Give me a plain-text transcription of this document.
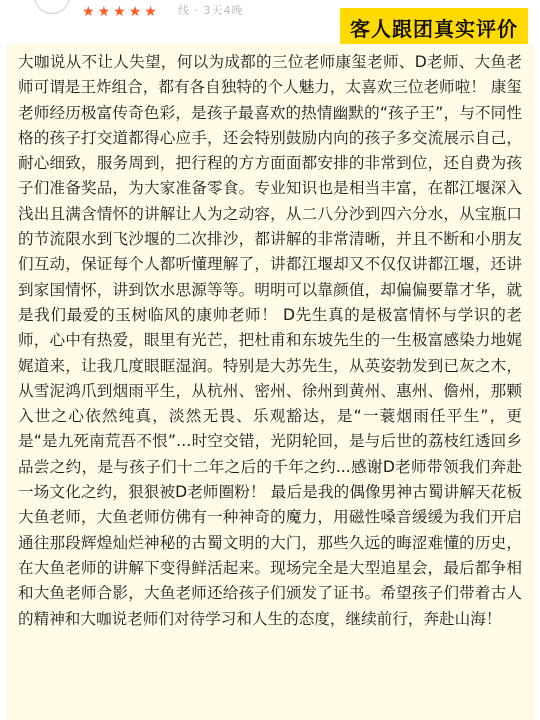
★ ★ ★ ★ ★ 线 · 3天4晚
客人跟团真实评价

大咖说从不让人失望，何以为成都的三位老师康玺老师、D老师、大鱼老师可谓是王炸组合，都有各自独特的个人魅力，太喜欢三位老师啦！ 康玺老师经历极富传奇色彩，是孩子最喜欢的热情幽默的“孩子王”，与不同性格的孩子打交道都得心应手，还会特别鼓励内向的孩子多交流展示自己，耐心细致，服务周到，把行程的方方面面都安排的非常到位，还自费为孩子们准备奖品，为大家准备零食。专业知识也是相当丰富，在都江堰深入浅出且满含情怀的讲解让人为之动容，从二八分沙到四六分水，从宝瓶口的节流限水到飞沙堰的二次排沙，都讲解的非常清晰，并且不断和小朋友们互动，保证每个人都听懂理解了，讲都江堰却又不仅仅讲都江堰，还讲到家国情怀，讲到饮水思源等等。明明可以靠颜值，却偏偏要靠才华，就是我们最爱的玉树临风的康帅老师！ D先生真的是极富情怀与学识的老师，心中有热爱，眼里有光芒，把杜甫和东坡先生的一生极富感染力地娓娓道来，让我几度眼眶湿润。特别是大苏先生，从英姿勃发到已灰之木，从雪泥鸿爪到烟雨平生，从杭州、密州、徐州到黄州、惠州、儋州，那颗入世之心依然纯真，淡然无畏、乐观豁达，是“一蓑烟雨任平生”，更是“是九死南荒吾不恨”…时空交错，光阴轮回，是与后世的荔枝红透回乡品尝之约，是与孩子们十二年之后的千年之约...感谢D老师带领我们奔赴一场文化之约，狠狠被D老师圈粉！ 最后是我的偶像男神古蜀讲解天花板大鱼老师，大鱼老师仿佛有一种神奇的魔力，用磁性嗓音缓缓为我们开启通往那段辉煌灿烂神秘的古蜀文明的大门，那些久远的晦涩难懂的历史，在大鱼老师的讲解下变得鲜活起来。现场完全是大型追星会，最后都争相和大鱼老师合影，大鱼老师还给孩子们颁发了证书。希望孩子们带着古人的精神和大咖说老师们对待学习和人生的态度，继续前行，奔赴山海！
